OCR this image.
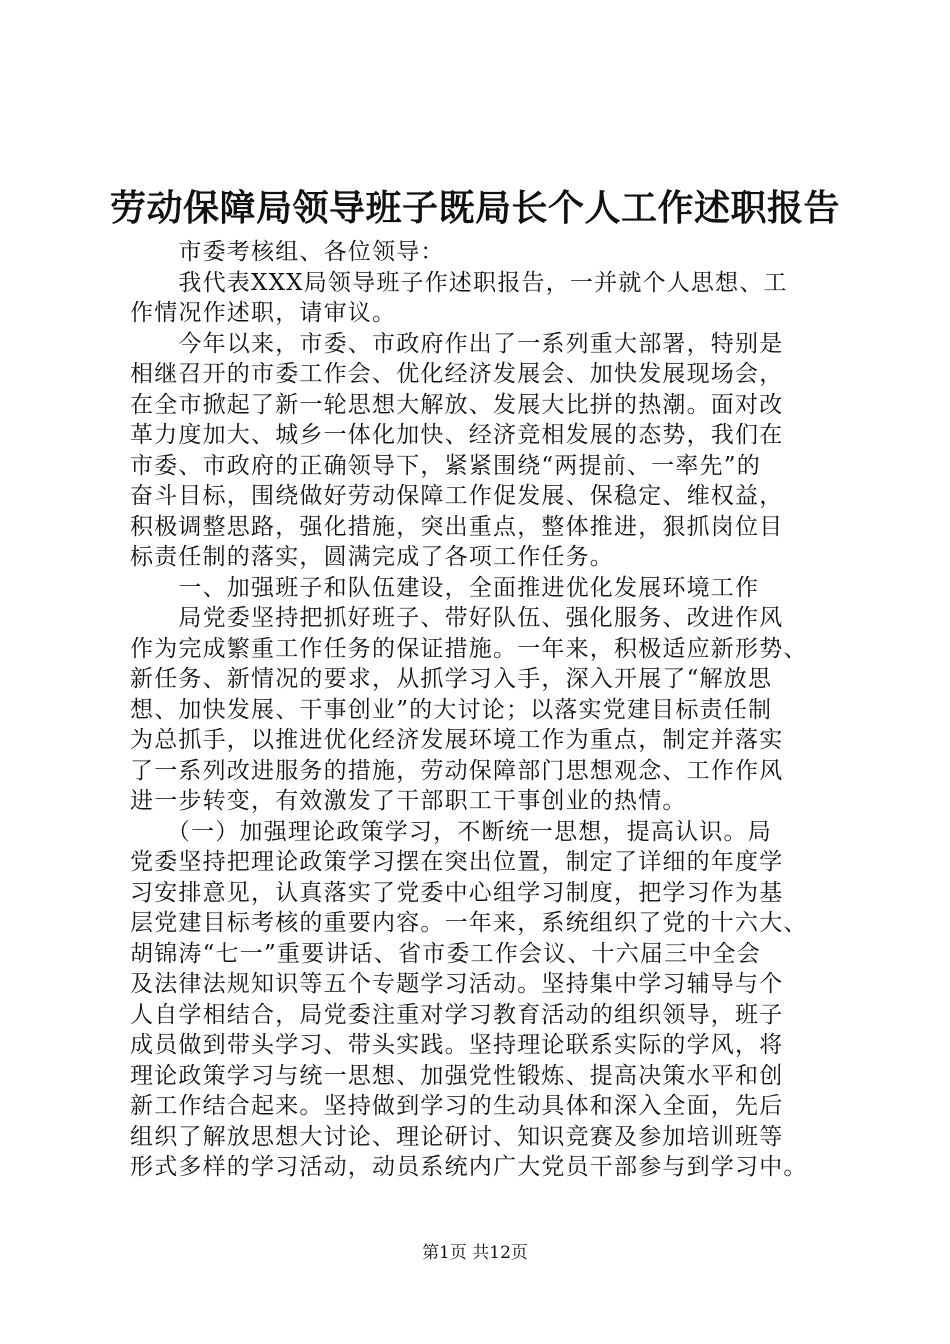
劳动保障局领导班子既局长个人工作述职报告
　　市委考核组、各位领导：
　　我代表XXX局领导班子作述职报告，一并就个人思想、工
作情况作述职，请审议。
　　今年以来，市委、市政府作出了一系列重大部署，特别是
相继召开的市委工作会、优化经济发展会、加快发展现场会，
在全市掀起了新一轮思想大解放、发展大比拼的热潮。面对改
革力度加大、城乡一体化加快、经济竞相发展的态势，我们在
市委、市政府的正确领导下，紧紧围绕“两提前、一率先”的
奋斗目标，围绕做好劳动保障工作促发展、保稳定、维权益，
积极调整思路，强化措施，突出重点，整体推进，狠抓岗位目
标责任制的落实，圆满完成了各项工作任务。
　　一、加强班子和队伍建设，全面推进优化发展环境工作
　　局党委坚持把抓好班子、带好队伍、强化服务、改进作风
作为完成繁重工作任务的保证措施。一年来，积极适应新形势、
新任务、新情况的要求，从抓学习入手，深入开展了“解放思
想、加快发展、干事创业”的大讨论；以落实党建目标责任制
为总抓手，以推进优化经济发展环境工作为重点，制定并落实
了一系列改进服务的措施，劳动保障部门思想观念、工作作风
进一步转变，有效激发了干部职工干事创业的热情。
　　（一）加强理论政策学习，不断统一思想，提高认识。局
党委坚持把理论政策学习摆在突出位置，制定了详细的年度学
习安排意见，认真落实了党委中心组学习制度，把学习作为基
层党建目标考核的重要内容。一年来，系统组织了党的十六大、
胡锦涛“七一”重要讲话、省市委工作会议、十六届三中全会
及法律法规知识等五个专题学习活动。坚持集中学习辅导与个
人自学相结合，局党委注重对学习教育活动的组织领导，班子
成员做到带头学习、带头实践。坚持理论联系实际的学风，将
理论政策学习与统一思想、加强党性锻炼、提高决策水平和创
新工作结合起来。坚持做到学习的生动具体和深入全面，先后
组织了解放思想大讨论、理论研讨、知识竞赛及参加培训班等
形式多样的学习活动，动员系统内广大党员干部参与到学习中。
第1页 共12页
